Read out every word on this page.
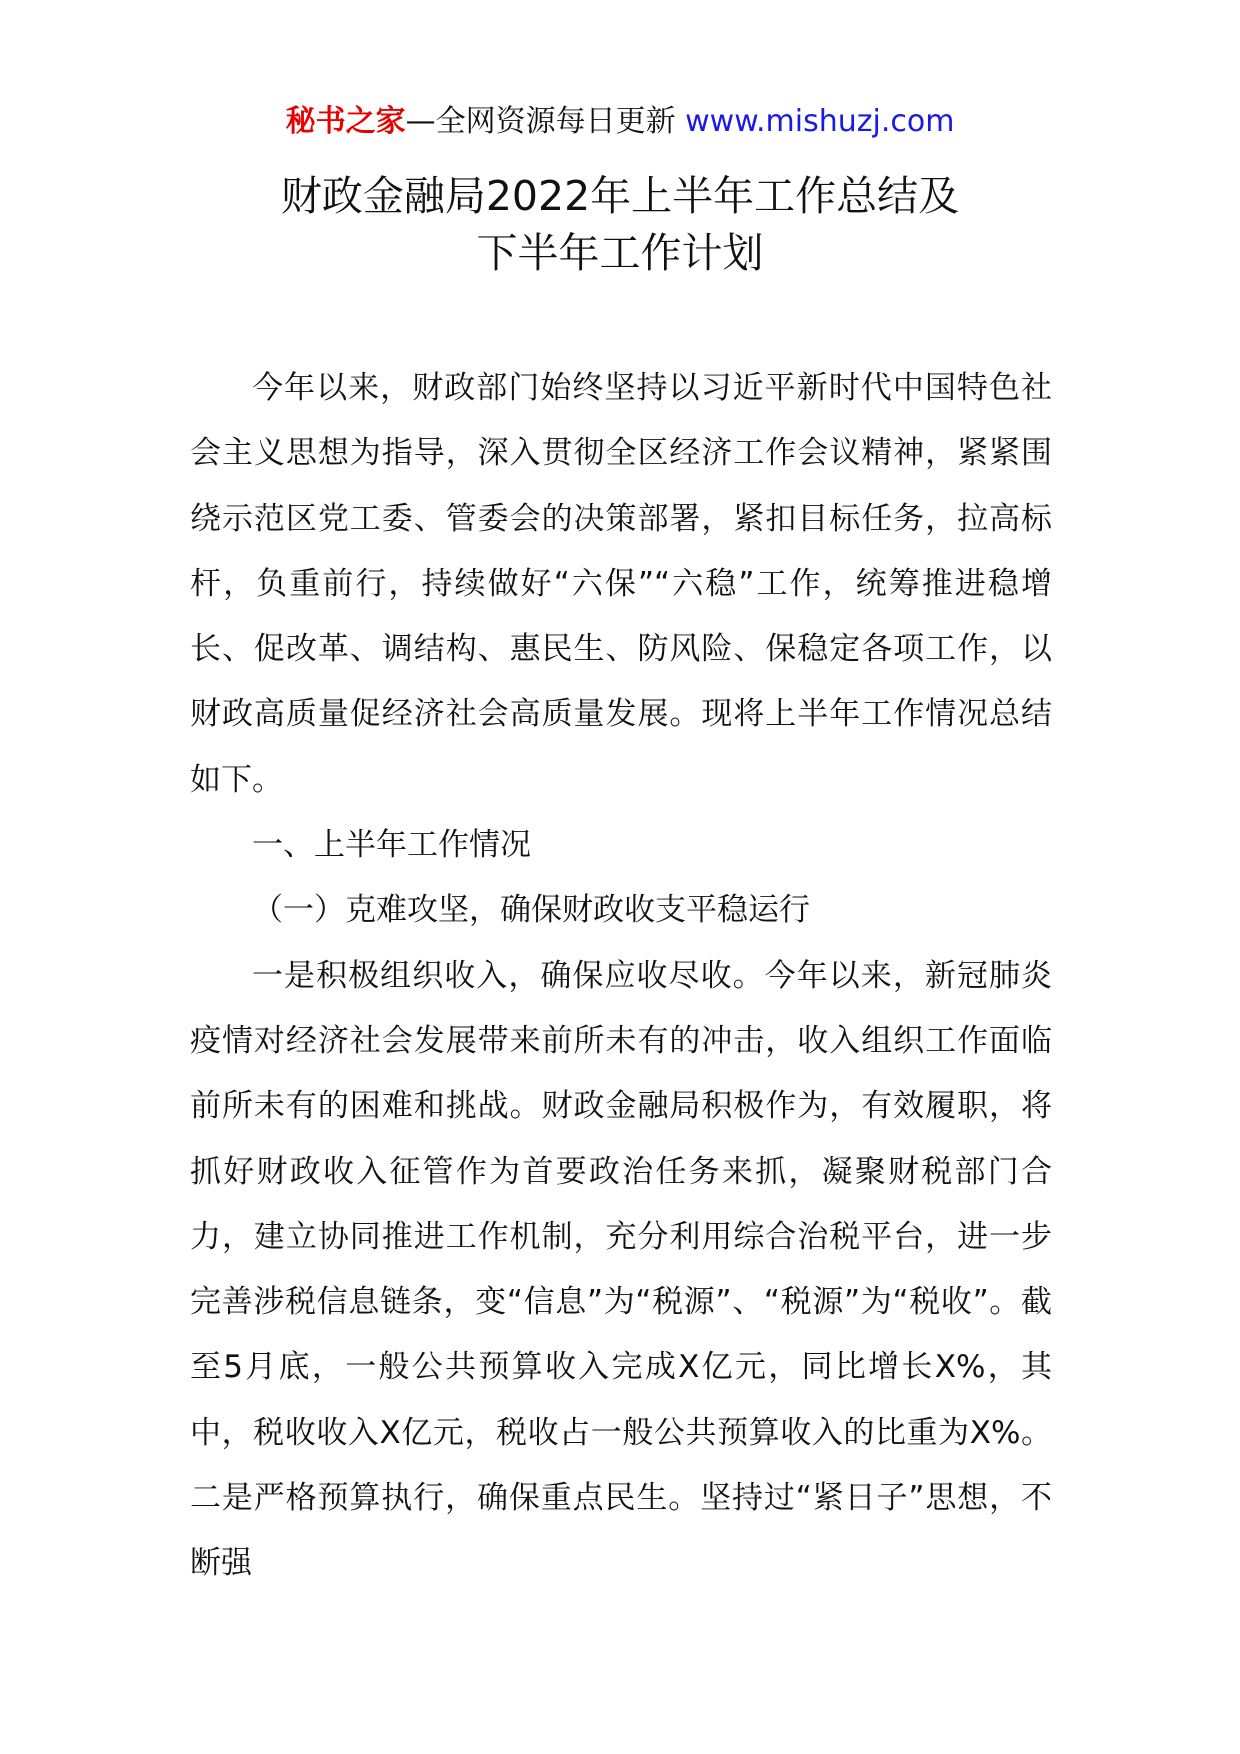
秘书之家—全网资源每日更新 www.mishuzj.com
财政金融局2022年上半年工作总结及
下半年工作计划

今年以来，财政部门始终坚持以习近平新时代中国特色社会主义思想为指导，深入贯彻全区经济工作会议精神，紧紧围绕示范区党工委、管委会的决策部署，紧扣目标任务，拉高标杆，负重前行，持续做好“六保”“六稳”工作，统筹推进稳增长、促改革、调结构、惠民生、防风险、保稳定各项工作，以财政高质量促经济社会高质量发展。现将上半年工作情况总结如下。

一、上半年工作情况

（一）克难攻坚，确保财政收支平稳运行

一是积极组织收入，确保应收尽收。今年以来，新冠肺炎疫情对经济社会发展带来前所未有的冲击，收入组织工作面临前所未有的困难和挑战。财政金融局积极作为，有效履职，将抓好财政收入征管作为首要政治任务来抓，凝聚财税部门合力，建立协同推进工作机制，充分利用综合治税平台，进一步完善涉税信息链条，变“信息”为“税源”、“税源”为“税收”。截至5月底，一般公共预算收入完成X亿元，同比增长X%，其中，税收收入X亿元，税收占一般公共预算收入的比重为X%。二是严格预算执行，确保重点民生。坚持过“紧日子”思想，不断强
